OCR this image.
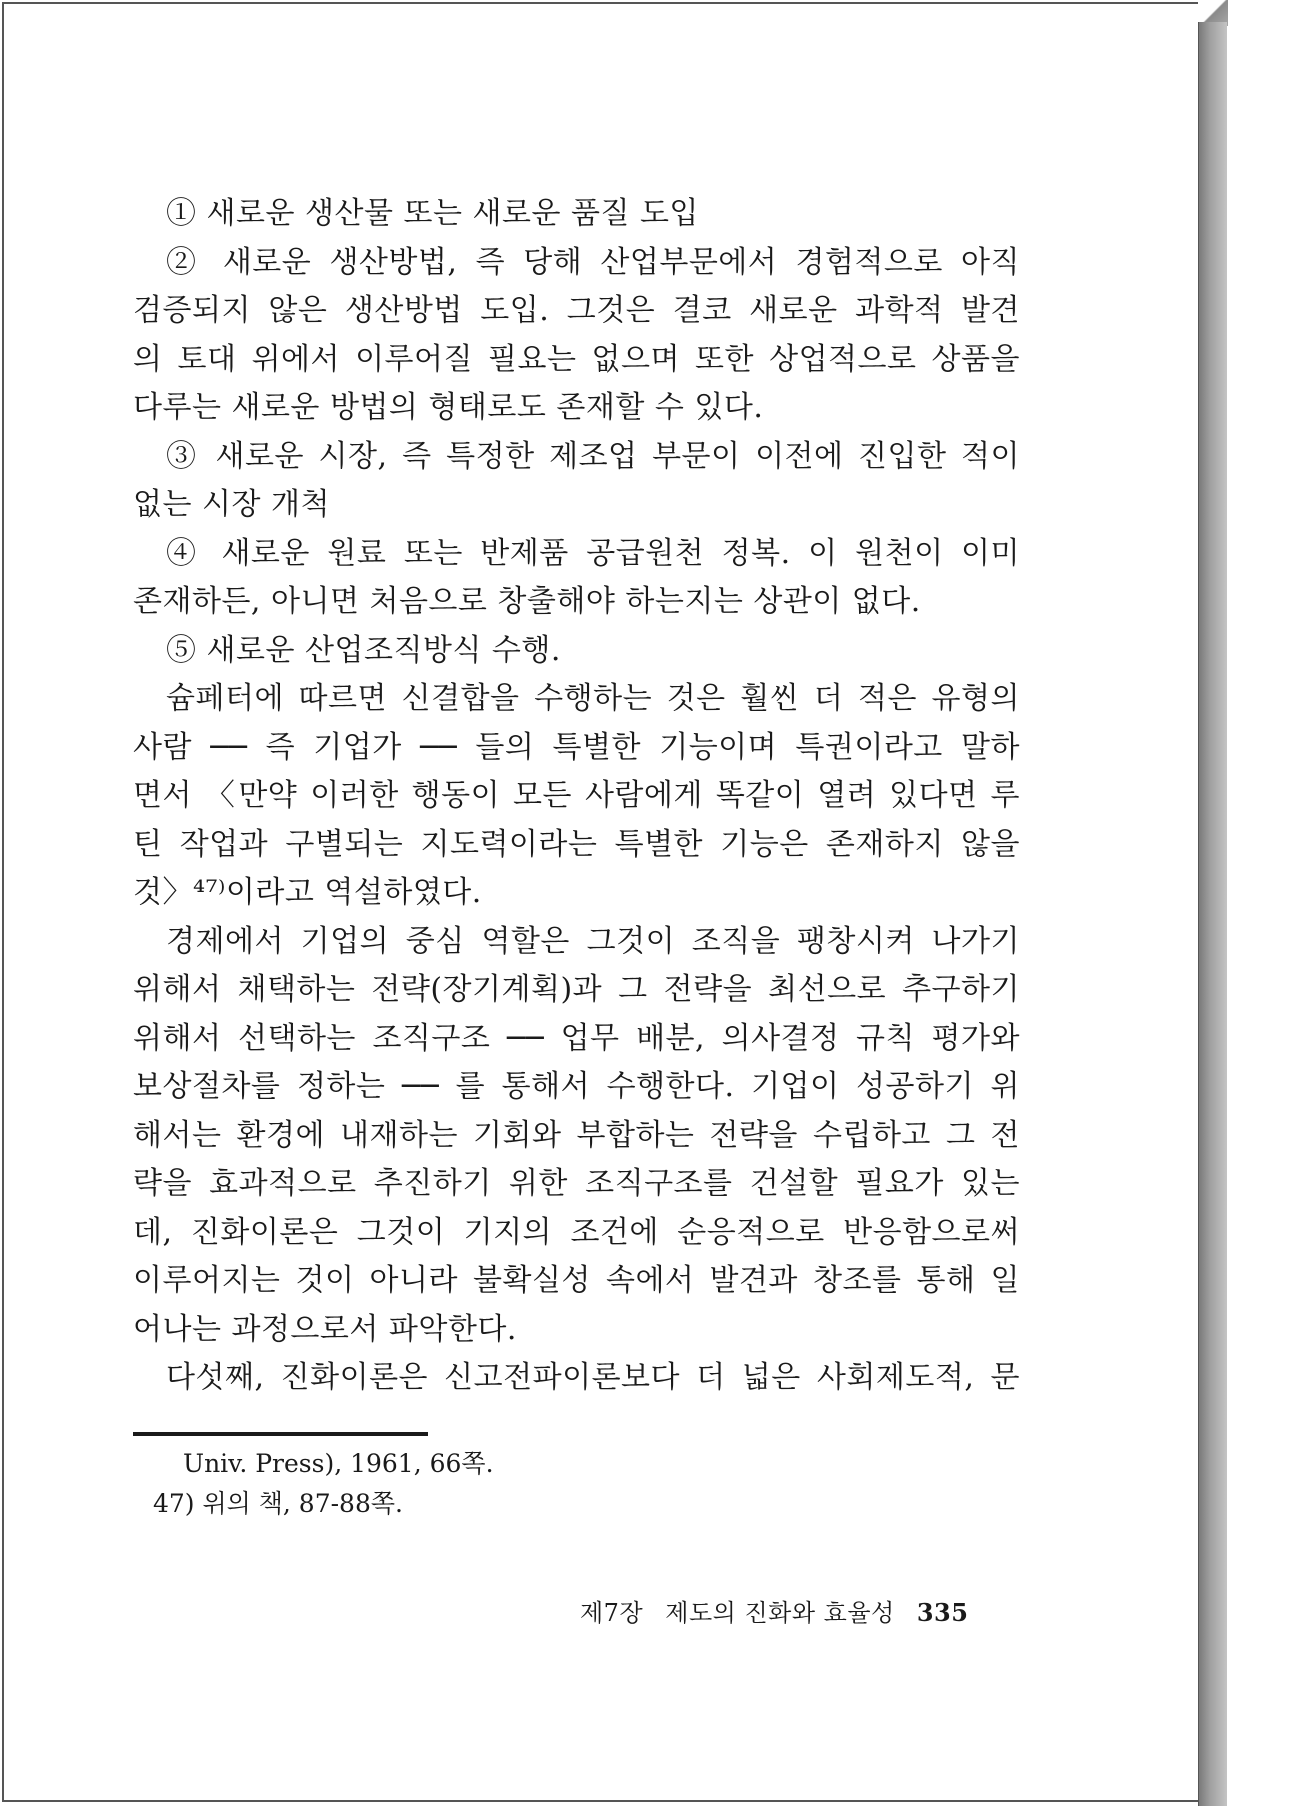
① 새로운 생산물 또는 새로운 품질 도입
② 새로운 생산방법, 즉 당해 산업부문에서 경험적으로 아직
검증되지 않은 생산방법 도입. 그것은 결코 새로운 과학적 발견
의 토대 위에서 이루어질 필요는 없으며 또한 상업적으로 상품을
다루는 새로운 방법의 형태로도 존재할 수 있다.
③ 새로운 시장, 즉 특정한 제조업 부문이 이전에 진입한 적이
없는 시장 개척
④ 새로운 원료 또는 반제품 공급원천 정복. 이 원천이 이미
존재하든, 아니면 처음으로 창출해야 하는지는 상관이 없다.
⑤ 새로운 산업조직방식 수행.
슘페터에 따르면 신결합을 수행하는 것은 훨씬 더 적은 유형의
사람 ── 즉 기업가 ── 들의 특별한 기능이며 특권이라고 말하
면서 〈만약 이러한 행동이 모든 사람에게 똑같이 열려 있다면 루
틴 작업과 구별되는 지도력이라는 특별한 기능은 존재하지 않을
것〉⁴⁷⁾이라고 역설하였다.
경제에서 기업의 중심 역할은 그것이 조직을 팽창시켜 나가기
위해서 채택하는 전략(장기계획)과 그 전략을 최선으로 추구하기
위해서 선택하는 조직구조 ── 업무 배분, 의사결정 규칙 평가와
보상절차를 정하는 ── 를 통해서 수행한다. 기업이 성공하기 위
해서는 환경에 내재하는 기회와 부합하는 전략을 수립하고 그 전
략을 효과적으로 추진하기 위한 조직구조를 건설할 필요가 있는
데, 진화이론은 그것이 기지의 조건에 순응적으로 반응함으로써
이루어지는 것이 아니라 불확실성 속에서 발견과 창조를 통해 일
어나는 과정으로서 파악한다.
다섯째, 진화이론은 신고전파이론보다 더 넓은 사회제도적, 문
Univ. Press), 1961, 66쪽.
47) 위의 책, 87-88쪽.
제7장 제도의 진화와 효율성 335
